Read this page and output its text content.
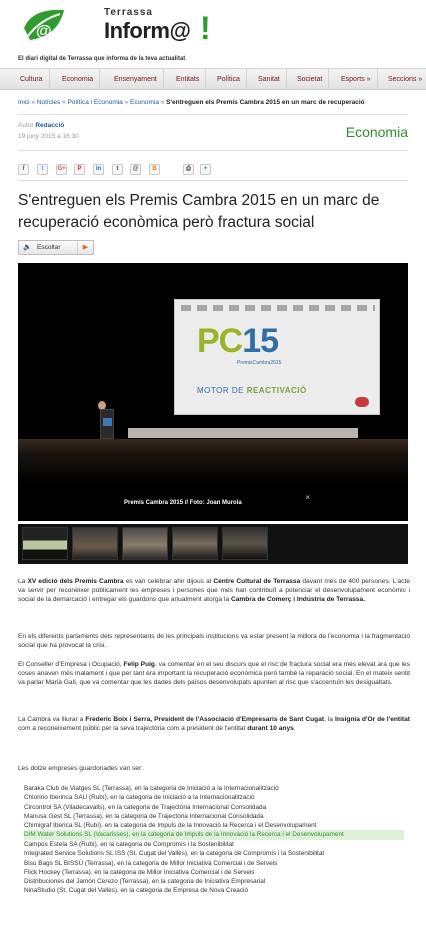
@
Terrassa
Inform@ !
El diari digital de Terrassa que informa de la teva actualitat
Cultura	Economia	Ensenyament	Entitats	Política	Sanitat	Societat	Esports »	Seccions »
Inici » Notícies » Política i Economia » Economia » S'entreguen els Premis Cambra 2015 en un marc de recuperació
Autor Redacció
19 juny 2015 a 16:30	Economia
f	t	G+	P	in	t	@	B	⎙	+
S'entreguen els Premis Cambra 2015 en un marc de recuperació econòmica però fractura social
🔈 Escoltar	▶
PC15
PremisCambra2015
MOTOR DE REACTIVACIÓ
Premis Cambra 2015 // Foto: Joan Murola
×

La XV edició dels Premis Cambra es van celebrar ahir dijous al Centre Cultural de Terrassa davant més de 400 persones. L'acte va servir per reconèixer públicament les empreses i persones que més han contribuït a potenciar el desenvolupament econòmic i social de la demarcació i entregar els guardons que anualment atorga la Cambra de Comerç i Indústria de Terrassa.

En els diferents parlaments dels representants de les principals institucions va estar present la millora de l'economia i la fragmentació social que ha provocat la crisi.

El Conseller d'Empresa i Ocupació, Felip Puig, va comentar en el seu discurs que el risc de fractura social era més elevat ara que les coses anaven més malament i que per tant era important la recuperació econòmica però també la reparació social. En el mateix sentit va parlar Marià Galí, que va comentar que les dades dels països desenvolupats apunten al risc que s'accentuïn les desigualtats.

La Cambra va lliurar a Frederic Boix i Serra, President de l'Associació d'Empresaris de Sant Cugat, la Insígnia d'Or de l'entitat com a reconeixement públic per la seva trajectòria com a president de l'entitat durant 10 anys.

Les dotze empreses guardonades van ser:

Baraka Club de Viatges SL (Terrassa), en la categoria de Iniciació a la Internacionalització
Chlorino Iberinca SAU (Rubí), en la categoria de Iniciació a la Internacionalització
Circontrol SA (Viladecavalls), en la categoria de Trajectòria Internacional Consolidada
Manusa Gest SL (Terrassa), en la categoria de Trajectòria Internacional Consolidada
Chimigraf Iberica SL (Rubí), en la categoria de Impuls de la Innovació la Recerca i el Desenvolupament
DIM Water Solutions SL (Vacarisses), en la categoria de Impuls de la Innovació la Recerca i el Desenvolupament
Campos Estela SA (Rubí), en la categoria de Compromís i la Sostenibilitat
Integrated Service Solutions SL ISS (St. Cugat del Vallès), en la categoria de Compromís i la Sostenibilitat
Bisu Bags SL BISSÚ (Terrassa), en la categoria de Millor Iniciativa Comercial i de Serveis
Flick Hockey (Terrassa), en la categoria de Millor Iniciativa Comercial i de Serveis
Distribuciones del Jamón Cerezo (Terrassa), en la categoria de Iniciativa Empresarial
NinaStudio (St. Cugat del Vallès), en la categoria de Empresa de Nova Creació
